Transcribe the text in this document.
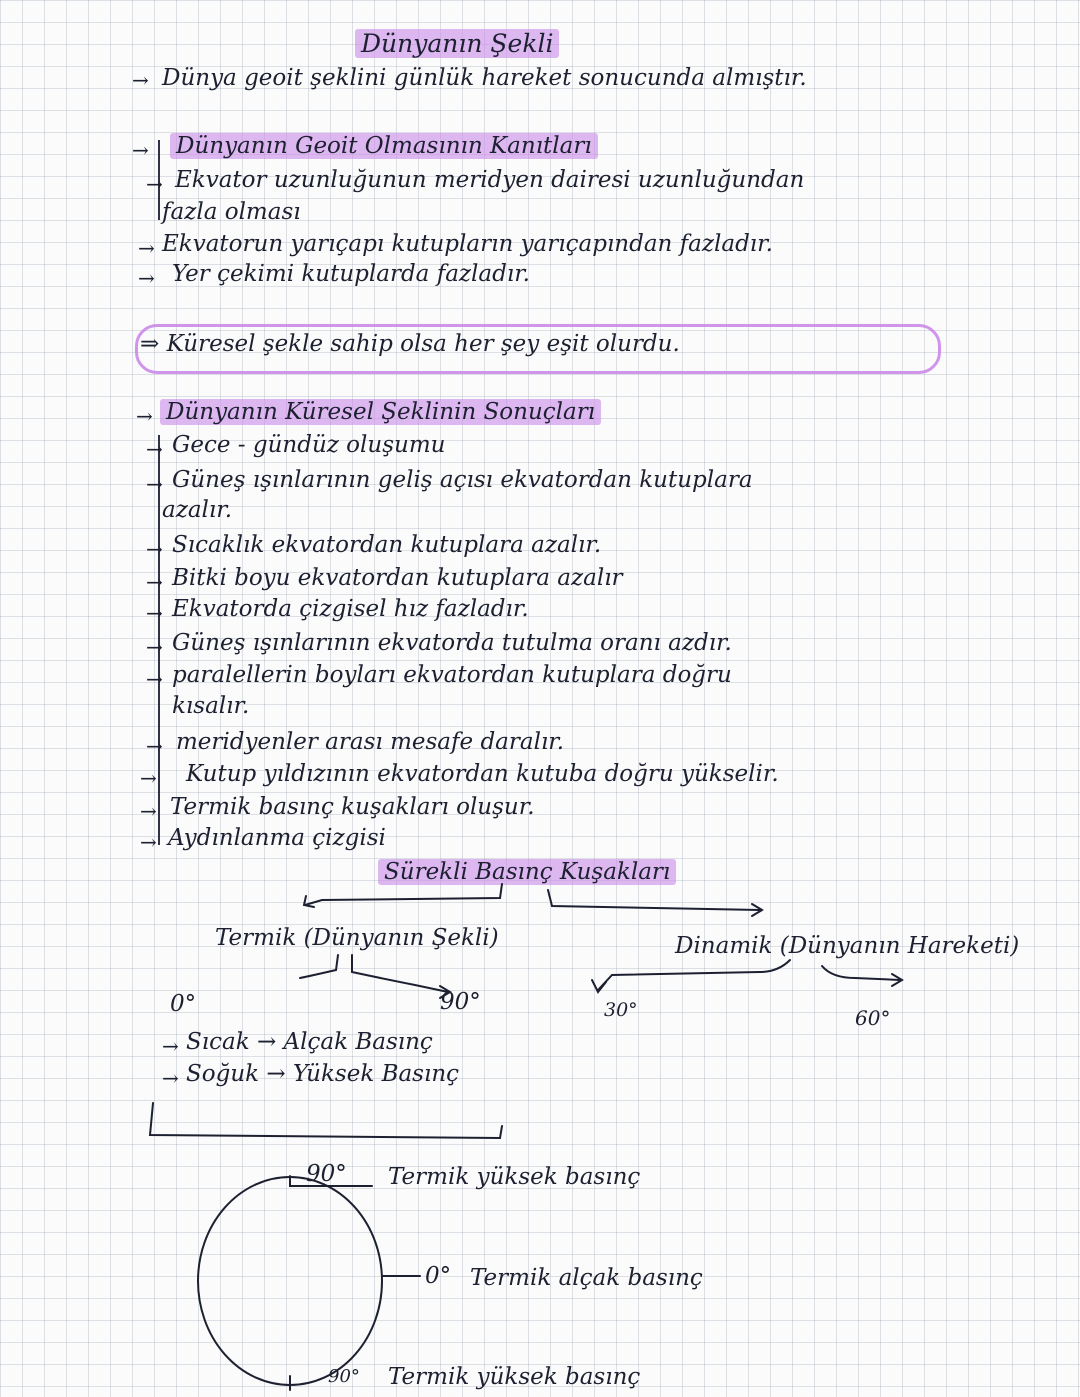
Dünyanın Şekli
→ Dünya geoit şeklini günlük hareket sonucunda almıştır.
→ Dünyanın Geoit Olmasının Kanıtları
→ Ekvator uzunluğunun meridyen dairesi uzunluğundan
fazla olması
→ Ekvatorun yarıçapı kutupların yarıçapından fazladır.
→ Yer çekimi kutuplarda fazladır.
⇒ Küresel şekle sahip olsa her şey eşit olurdu.
→ Dünyanın Küresel Şeklinin Sonuçları
→ Gece - gündüz oluşumu
→ Güneş ışınlarının geliş açısı ekvatordan kutuplara
azalır.
→ Sıcaklık ekvatordan kutuplara azalır.
→ Bitki boyu ekvatordan kutuplara azalır
→ Ekvatorda çizgisel hız fazladır.
→ Güneş ışınlarının ekvatorda tutulma oranı azdır.
→ paralellerin boyları ekvatordan kutuplara doğru
kısalır.
→ meridyenler arası mesafe daralır.
→ Kutup yıldızının ekvatordan kutuba doğru yükselir.
→ Termik basınç kuşakları oluşur.
→ Aydınlanma çizgisi
Sürekli Basınç Kuşakları
Termik (Dünyanın Şekli)	Dinamik (Dünyanın Hareketi)
0°	90°	30°	60°
→ Sıcak → Alçak Basınç
→ Soğuk → Yüksek Basınç
90° Termik yüksek basınç
0° Termik alçak basınç
90° Termik yüksek basınç
